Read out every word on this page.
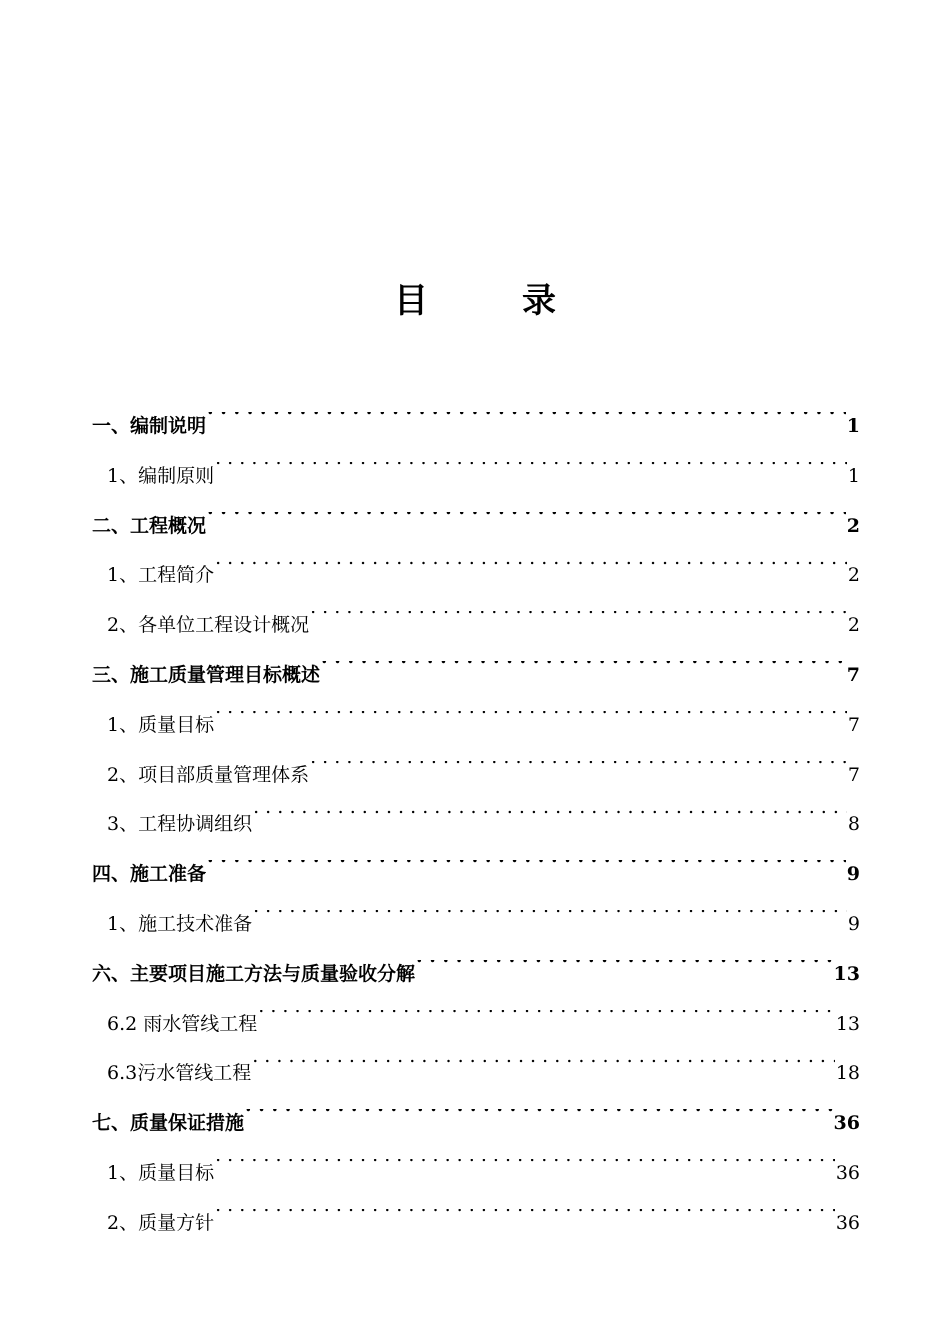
目　录
一、编制说明 . . .	1
1、编制原则 . . .	1
二、工程概况 . . .	2
1、工程简介 . . .	2
2、各单位工程设计概况 . . .	2
三、施工质量管理目标概述 . . .	7
1、质量目标 . . .	7
2、项目部质量管理体系 . . .	7
3、工程协调组织 . . .	8
四、施工准备 . . .	9
1、施工技术准备 . . .	9
六、主要项目施工方法与质量验收分解 . . .	13
6.2 雨水管线工程 . . .	13
6.3污水管线工程 . . .	18
七、质量保证措施 . . .	36
1、质量目标 . . .	36
2、质量方针 . . .	36
